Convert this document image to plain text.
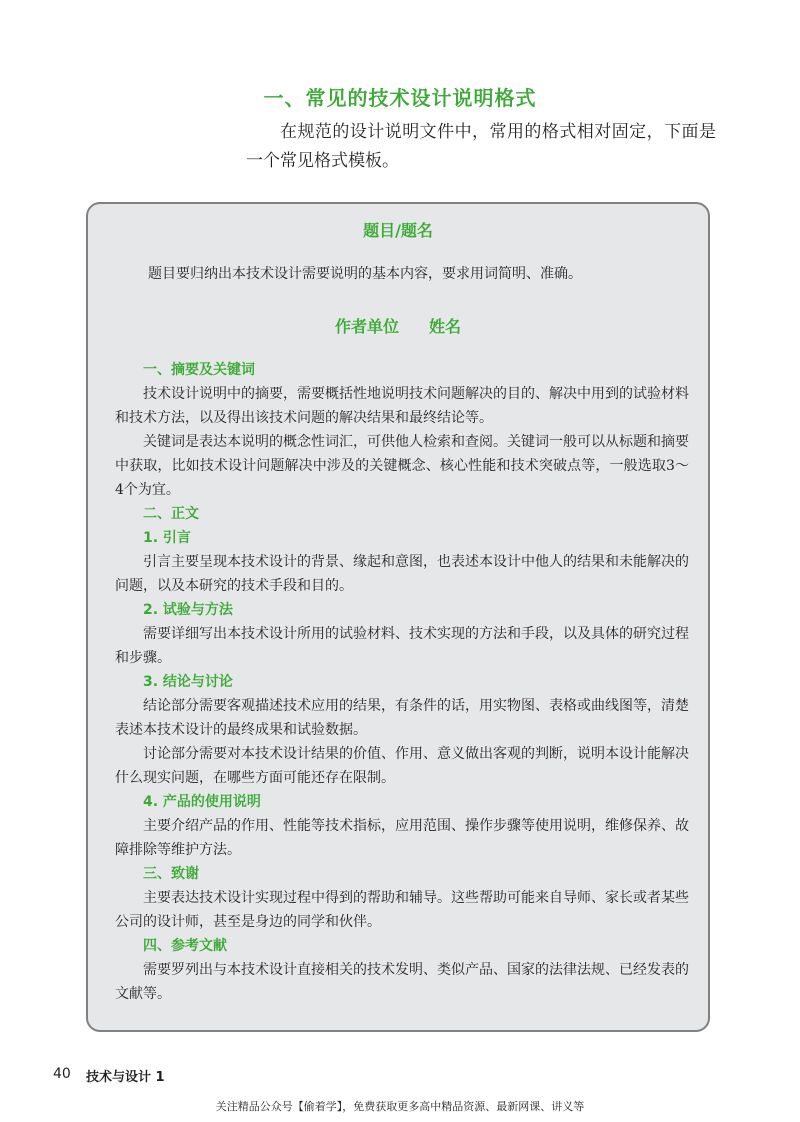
一、常见的技术设计说明格式
在规范的设计说明文件中，常用的格式相对固定，下面是一个常见格式模板。
题目/题名
题目要归纳出本技术设计需要说明的基本内容，要求用词简明、准确。
作者单位 姓名
一、摘要及关键词

技术设计说明中的摘要，需要概括性地说明技术问题解决的目的、解决中用到的试验材料和技术方法，以及得出该技术问题的解决结果和最终结论等。

关键词是表达本说明的概念性词汇，可供他人检索和查阅。关键词一般可以从标题和摘要中获取，比如技术设计问题解决中涉及的关键概念、核心性能和技术突破点等，一般选取3～4个为宜。

二、正文
1. 引言

引言主要呈现本技术设计的背景、缘起和意图，也表述本设计中他人的结果和未能解决的问题，以及本研究的技术手段和目的。

2. 试验与方法

需要详细写出本技术设计所用的试验材料、技术实现的方法和手段，以及具体的研究过程和步骤。

3. 结论与讨论

结论部分需要客观描述技术应用的结果，有条件的话，用实物图、表格或曲线图等，清楚表述本技术设计的最终成果和试验数据。

讨论部分需要对本技术设计结果的价值、作用、意义做出客观的判断，说明本设计能解决什么现实问题，在哪些方面可能还存在限制。

4. 产品的使用说明

主要介绍产品的作用、性能等技术指标，应用范围、操作步骤等使用说明，维修保养、故障排除等维护方法。

三、致谢

主要表达技术设计实现过程中得到的帮助和辅导。这些帮助可能来自导师、家长或者某些公司的设计师，甚至是身边的同学和伙伴。

四、参考文献

需要罗列出与本技术设计直接相关的技术发明、类似产品、国家的法律法规、已经发表的文献等。

40 技术与设计 1
关注精品公众号【偷着学】，免费获取更多高中精品资源、最新网课、讲义等
